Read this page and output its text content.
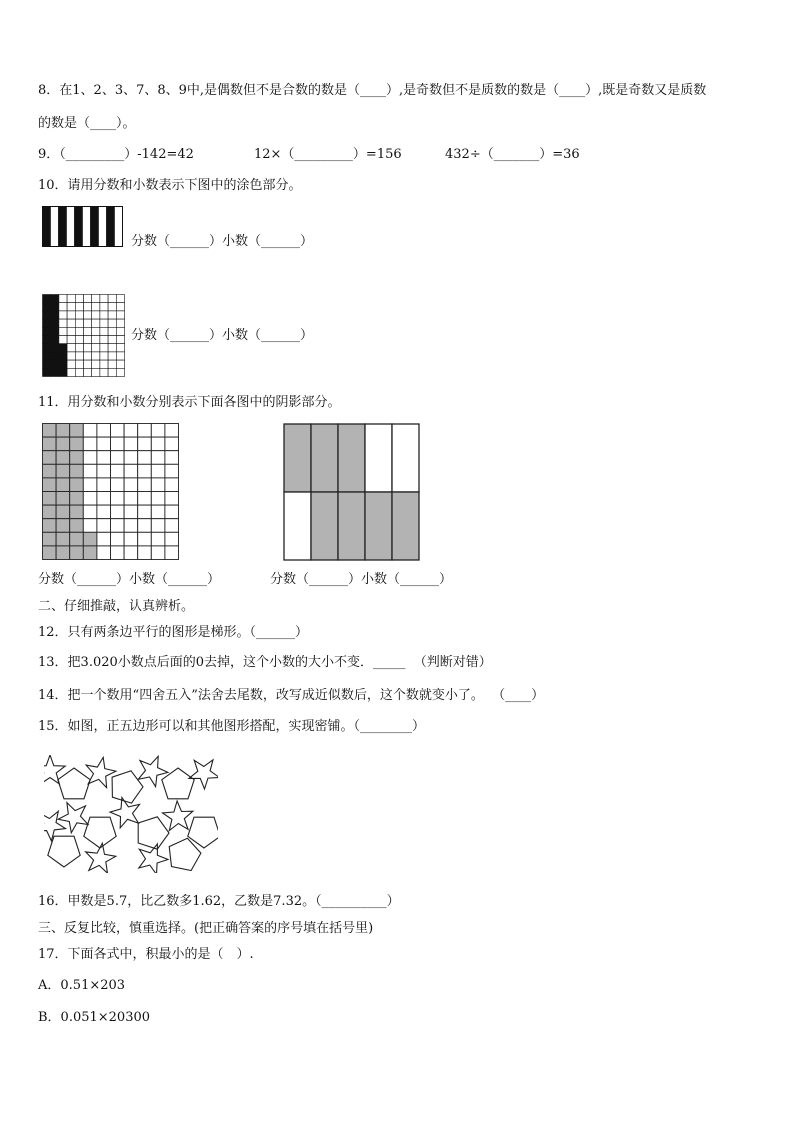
8．在1、2、3、7、8、9中,是偶数但不是合数的数是（____）,是奇数但不是质数的数是（____）,既是奇数又是质数
的数是（____）。
9．（_________）-142=42	12×（_________）=156	432÷（_______）=36
10．请用分数和小数表示下图中的涂色部分。
分数（______）小数（______）
分数（______）小数（______）
11．用分数和小数分别表示下面各图中的阴影部分。
分数（______）小数（______）	分数（______）小数（______）
二、仔细推敲，认真辨析。
12．只有两条边平行的图形是梯形。（______）
13．把3.020小数点后面的0去掉，这个小数的大小不变．_____  （判断对错）
14．把一个数用“四舍五入”法舍去尾数，改写成近似数后，这个数就变小了。  （____）
15．如图，正五边形可以和其他图形搭配，实现密铺。（________）
16．甲数是5.7，比乙数多1.62，乙数是7.32。（__________）
三、反复比较，慎重选择。(把正确答案的序号填在括号里)
17．下面各式中，积最小的是（　）.
A．0.51×203
B．0.051×20300
